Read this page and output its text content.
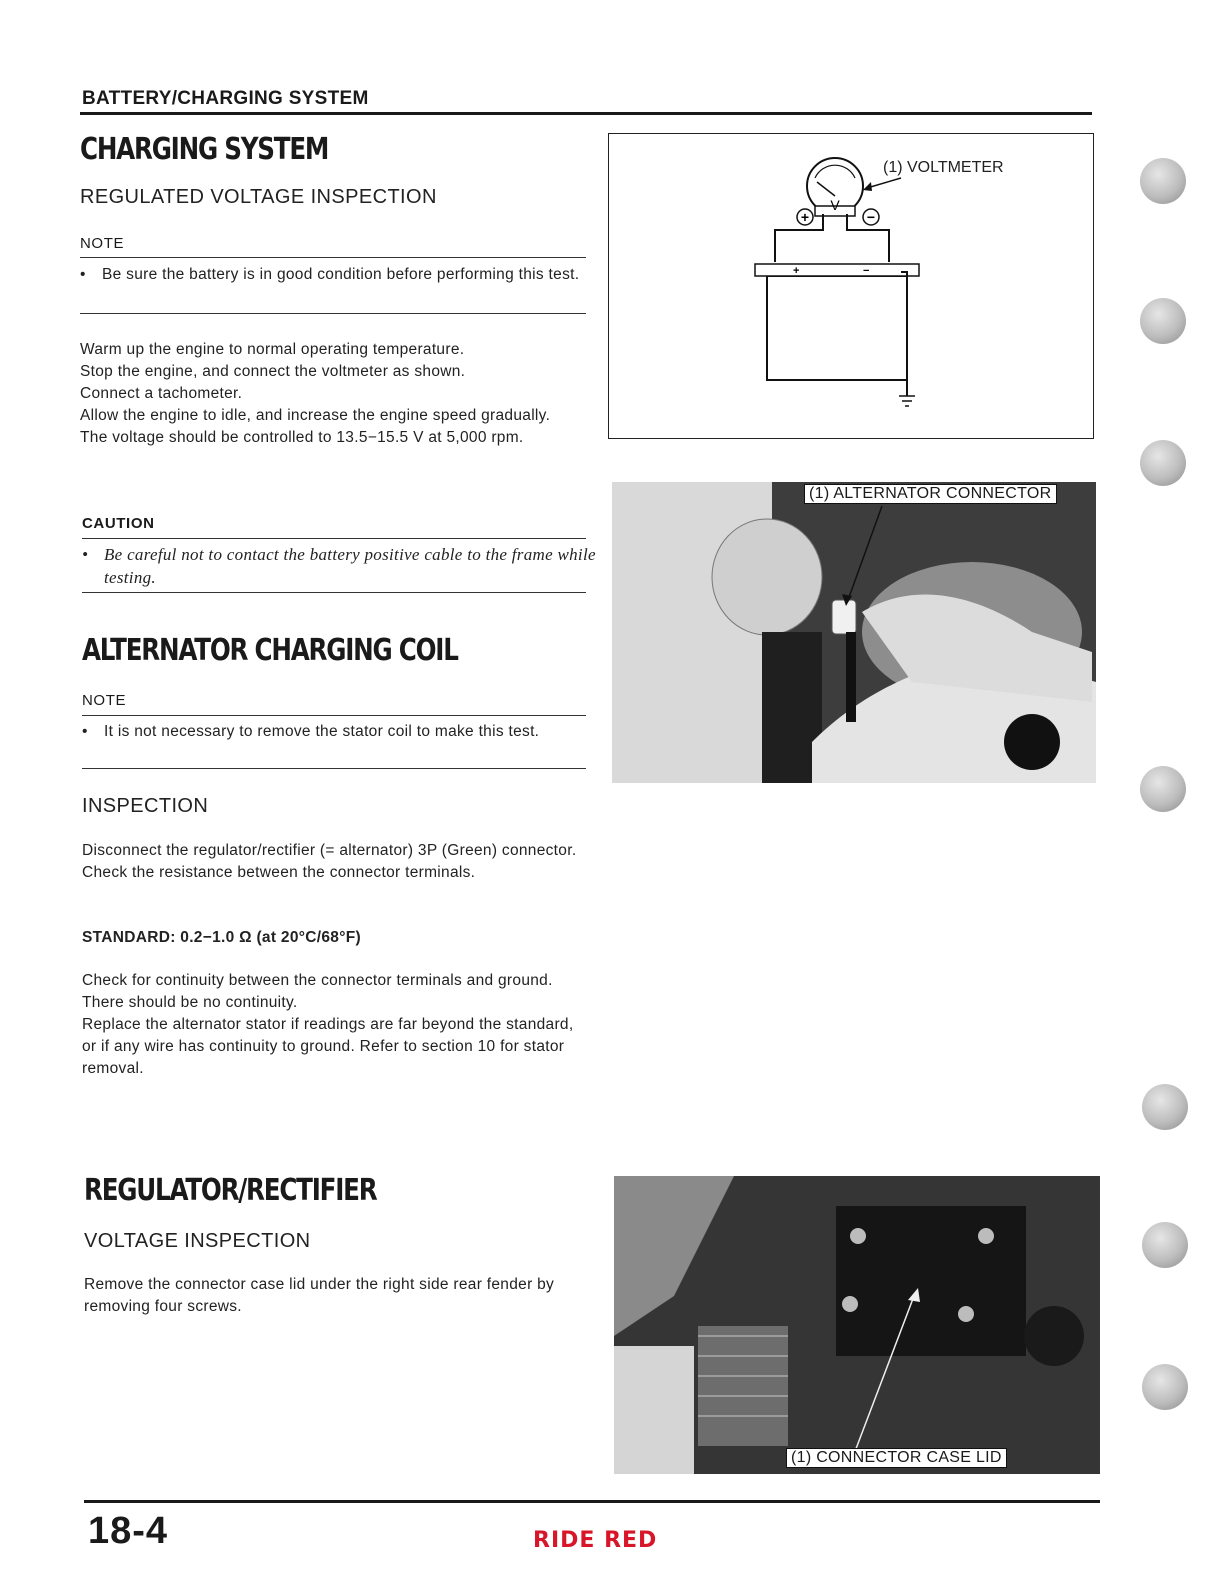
BATTERY/CHARGING SYSTEM
CHARGING SYSTEM
REGULATED VOLTAGE INSPECTION
NOTE
• Be sure the battery is in good condition before performing this test.
Warm up the engine to normal operating temperature.
Stop the engine, and connect the voltmeter as shown.
Connect a tachometer.
Allow the engine to idle, and increase the engine speed gradually.
The voltage should be controlled to 13.5−15.5 V at 5,000 rpm.
CAUTION
• Be careful not to contact the battery positive cable to the frame while testing.
ALTERNATOR CHARGING COIL
NOTE
• It is not necessary to remove the stator coil to make this test.
INSPECTION
Disconnect the regulator/rectifier (= alternator) 3P (Green) connector.
Check the resistance between the connector terminals.
STANDARD: 0.2−1.0 Ω (at 20°C/68°F)
Check for continuity between the connector terminals and ground.
There should be no continuity.
Replace the alternator stator if readings are far beyond the standard, or if any wire has continuity to ground. Refer to section 10 for stator removal.
REGULATOR/RECTIFIER
VOLTAGE INSPECTION
Remove the connector case lid under the right side rear fender by removing four screws.
V
+	−
+	−
(1) VOLTMETER
(1) ALTERNATOR CONNECTOR
(1) CONNECTOR CASE LID
18-4	RIDE RED
